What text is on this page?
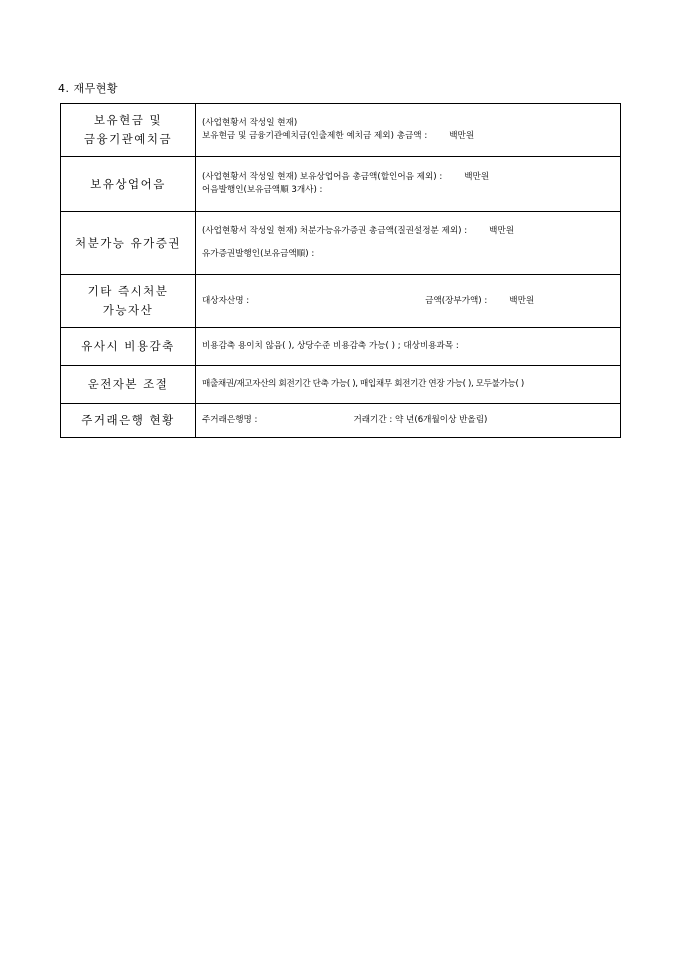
4. 재무현황
보유현금 및
금융기관예치금	(사업현황서 작성일 현재)
보유현금 및 금융기관예치금(인출제한 예치금 제외) 총금액 : 백만원

보유상업어음	(사업현황서 작성일 현재) 보유상업어음 총금액(할인어음 제외) : 백만원
어음발행인(보유금액順 3개사) :

처분가능 유가증권	(사업현황서 작성일 현재) 처분가능유가증권 총금액(질권설정분 제외) : 백만원
유가증권발행인(보유금액順) :

기타 즉시처분
가능자산	대상자산명 : 금액(장부가액) : 백만원

유사시 비용감축	비용감축 용이치 않음( ), 상당수준 비용감축 가능( ) ; 대상비용과목 :

운전자본 조절	매출채권/재고자산의 회전기간 단축 가능( ), 매입채무 회전기간 연장 가능( ), 모두불가능( )

주거래은행 현황	주거래은행명 : 거래기간 : 약 년(6개월이상 반올림)
